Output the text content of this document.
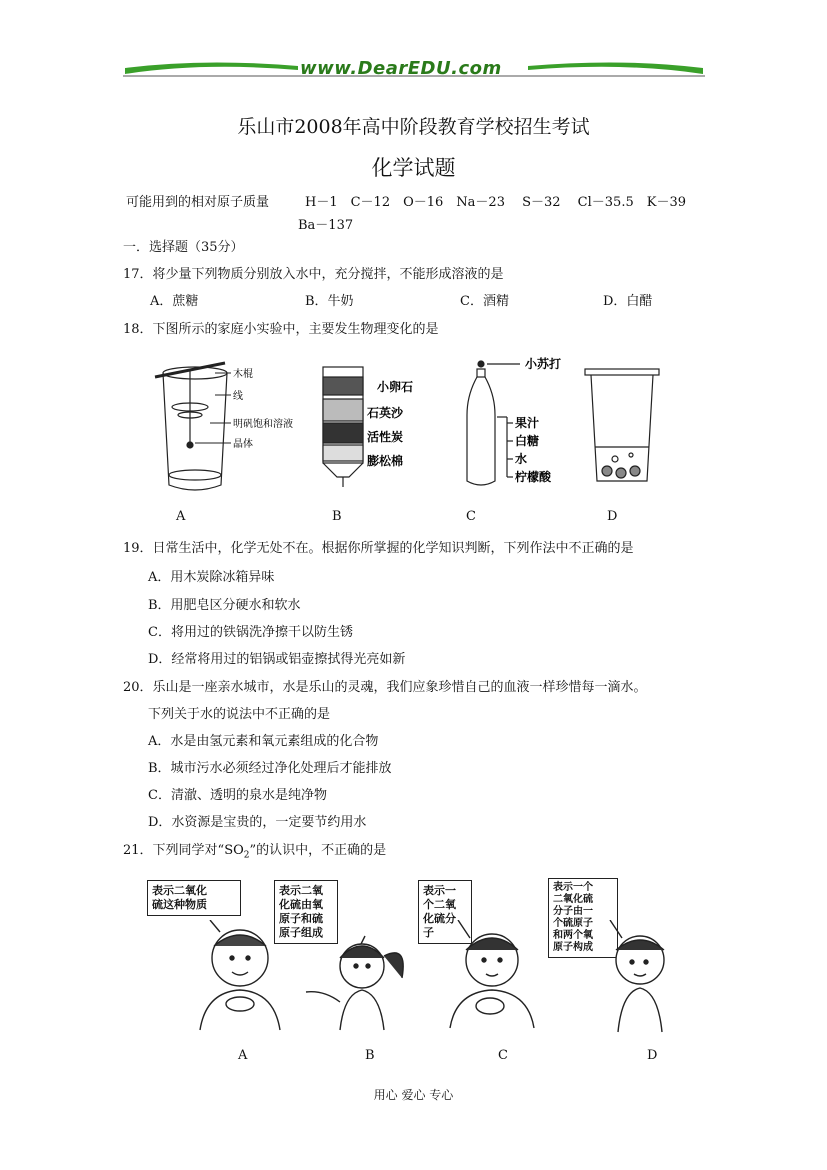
www.DearEDU.com
乐山市2008年高中阶段教育学校招生考试
化学试题
可能用到的相对原子质量	H－1　C－12　O－16　Na－23　 S－32　 Cl－35.5　K－39
Ba－137
一．选择题（35分）
17．将少量下列物质分别放入水中，充分搅拌，不能形成溶液的是
A．蔗糖	B．牛奶	C．酒精	D．白醋
18．下图所示的家庭小实验中，主要发生物理变化的是
木棍
线
明矾饱和溶液
晶体
小卵石
石英沙
活性炭
膨松棉
小苏打
果汁
白糖
水
柠檬酸
A	B	C	D
19．日常生活中，化学无处不在。根据你所掌握的化学知识判断，下列作法中不正确的是
A．用木炭除冰箱异味
B．用肥皂区分硬水和软水
C．将用过的铁锅洗净擦干以防生锈
D．经常将用过的铝锅或铝壶擦拭得光亮如新
20．乐山是一座亲水城市，水是乐山的灵魂，我们应象珍惜自己的血液一样珍惜每一滴水。
下列关于水的说法中不正确的是
A．水是由氢元素和氧元素组成的化合物
B．城市污水必须经过净化处理后才能排放
C．清澈、透明的泉水是纯净物
D．水资源是宝贵的，一定要节约用水
21．下列同学对“$SO_2$”的认识中，不正确的是
表示二氧化
硫这种物质
表示二氧
化硫由氧
原子和硫
原子组成
表示一
个二氧
化硫分
子
表示一个
二氧化硫
分子由一
个硫原子
和两个氧
原子构成
A	B	C	D
用心 爱心 专心
